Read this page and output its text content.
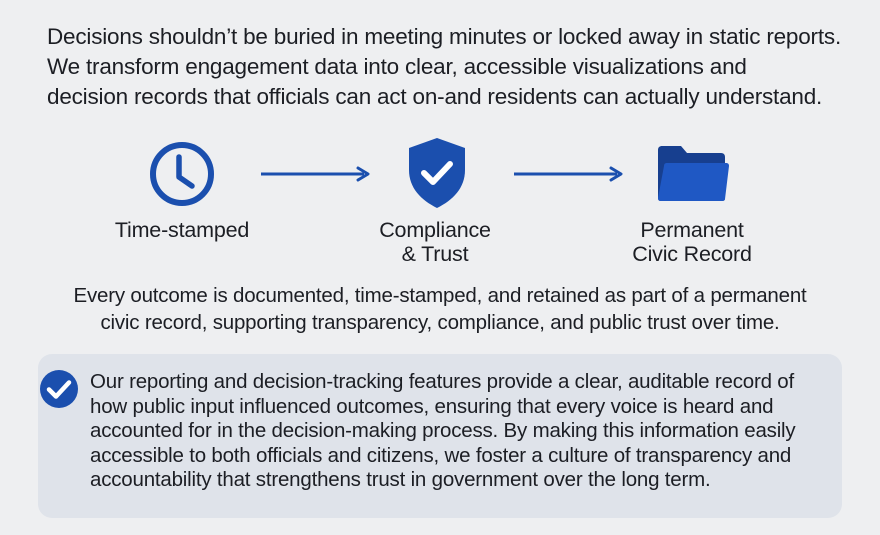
Decisions shouldn’t be buried in meeting minutes or locked away in static reports.
We transform engagement data into clear, accessible visualizations and
decision records that officials can act on-and residents can actually understand.

Time-stamped	Compliance
& Trust
Permanent
Civic Record

Every outcome is documented, time-stamped, and retained as part of a permanent
civic record, supporting transparency, compliance, and public trust over time.

Our reporting and decision-tracking features provide a clear, auditable record of
how public input influenced outcomes, ensuring that every voice is heard and
accounted for in the decision-making process. By making this information easily
accessible to both officials and citizens, we foster a culture of transparency and
accountability that strengthens trust in government over the long term.
